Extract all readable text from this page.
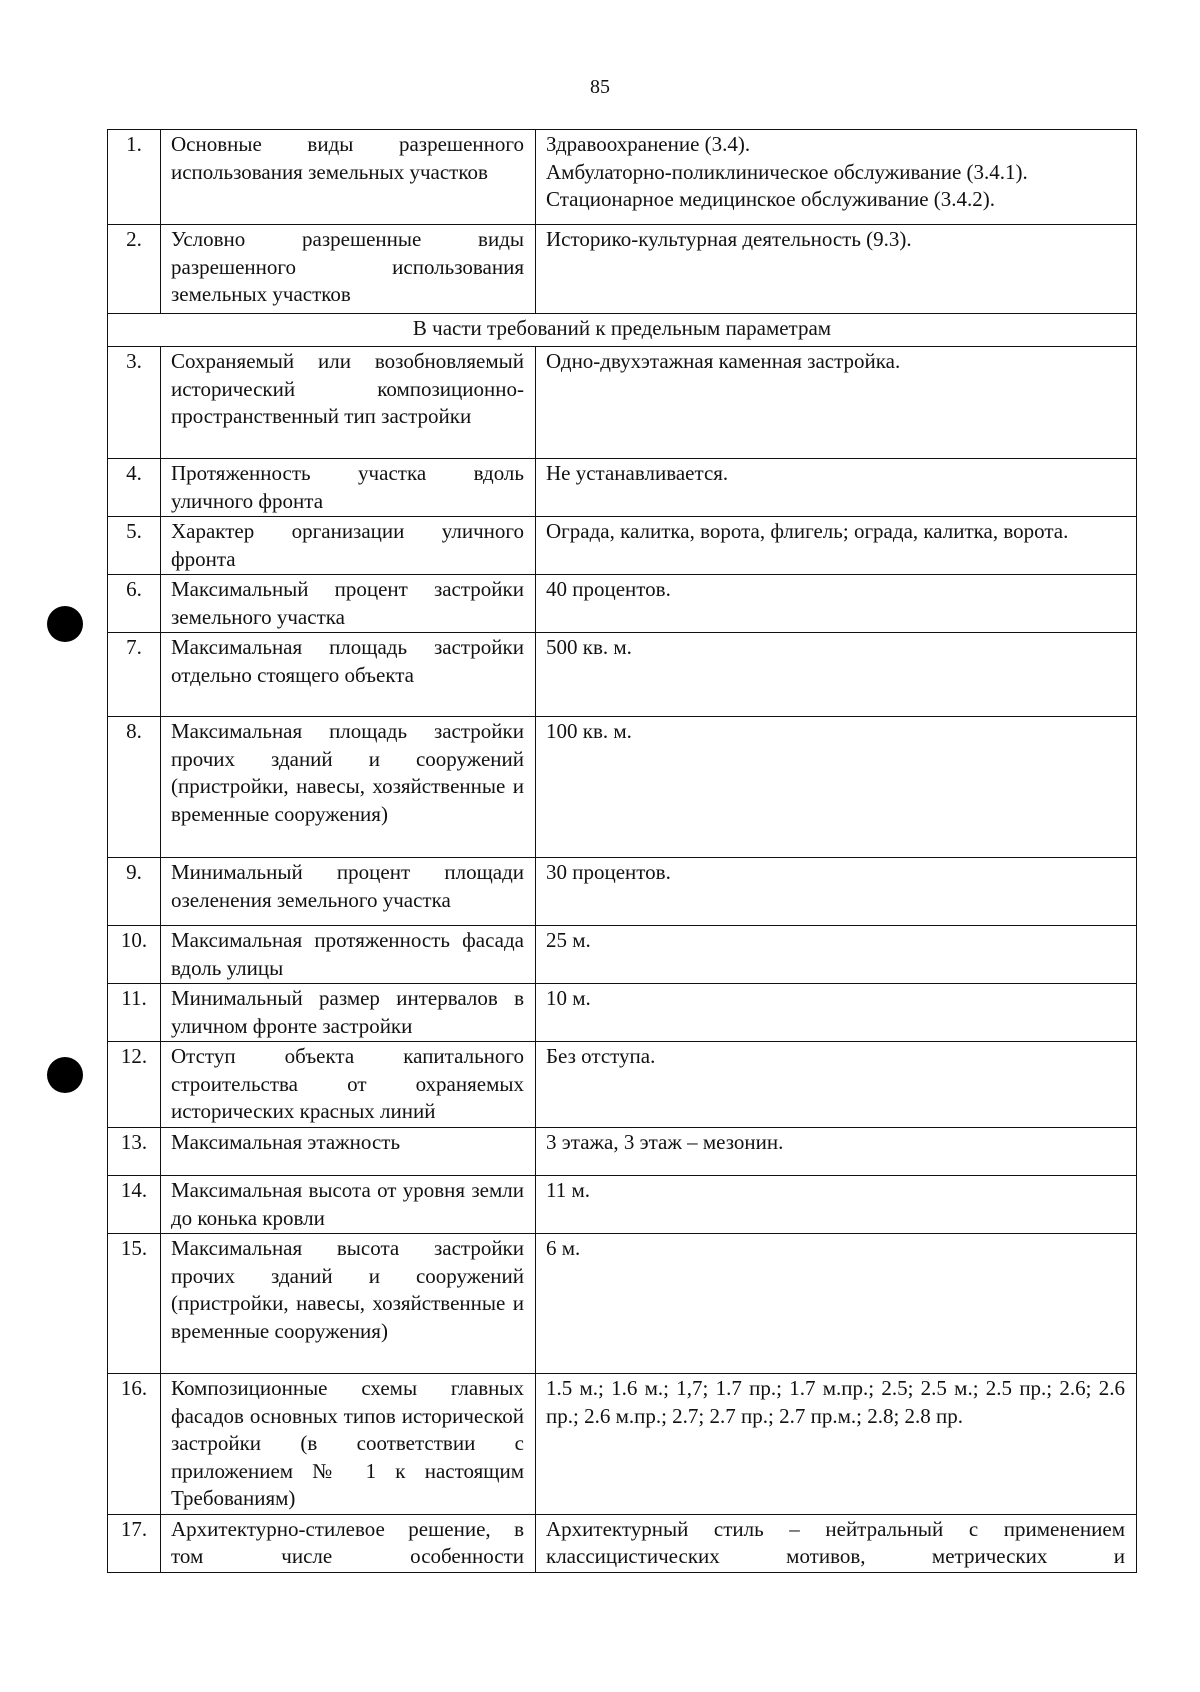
85
1.	Основные виды разрешенного использования земельных участков	Здравоохранение (3.4).
Амбулаторно-поликлиническое обслуживание (3.4.1).
Стационарное медицинское обслуживание (3.4.2).

2.	Условно разрешенные виды разрешенного использования земельных участков	Историко-культурная деятельность (9.3).

В части требований к предельным параметрам		
3.	Сохраняемый или возобновляемый исторический композиционно-пространственный тип застройки	Одно-двухэтажная каменная застройка.
4.	Протяженность участка вдоль уличного фронта	Не устанавливается.
5.	Характер организации уличного фронта	Ограда, калитка, ворота, флигель; ограда, калитка, ворота.
6.	Максимальный процент застройки земельного участка	40 процентов.
7.	Максимальная площадь застройки отдельно стоящего объекта	500 кв. м.
8.	Максимальная площадь застройки прочих зданий и сооружений (пристройки, навесы, хозяйственные и временные сооружения)	100 кв. м.
9.	Минимальный процент площади озеленения земельного участка	30 процентов.
10.	Максимальная протяженность фасада вдоль улицы	25 м.
11.	Минимальный размер интервалов в уличном фронте застройки	10 м.
12.	Отступ объекта капитального строительства от охраняемых исторических красных линий	Без отступа.
13.	Максимальная этажность	3 этажа, 3 этаж – мезонин.
14.	Максимальная высота от уровня земли до конька кровли	11 м.
15.	Максимальная высота застройки прочих зданий и сооружений (пристройки, навесы, хозяйственные и временные сооружения)	6 м.
16.	Композиционные схемы главных фасадов основных типов исторической застройки (в соответствии с приложением № 1 к настоящим Требованиям)	1.5 м.; 1.6 м.; 1,7; 1.7 пр.; 1.7 м.пр.; 2.5; 2.5 м.; 2.5 пр.; 2.6; 2.6 пр.; 2.6 м.пр.; 2.7; 2.7 пр.; 2.7 пр.м.; 2.8; 2.8 пр.
17.	Архитектурно-стилевое решение, в том числе особенности	Архитектурный стиль – нейтральный с применением классицистических мотивов, метрических и
